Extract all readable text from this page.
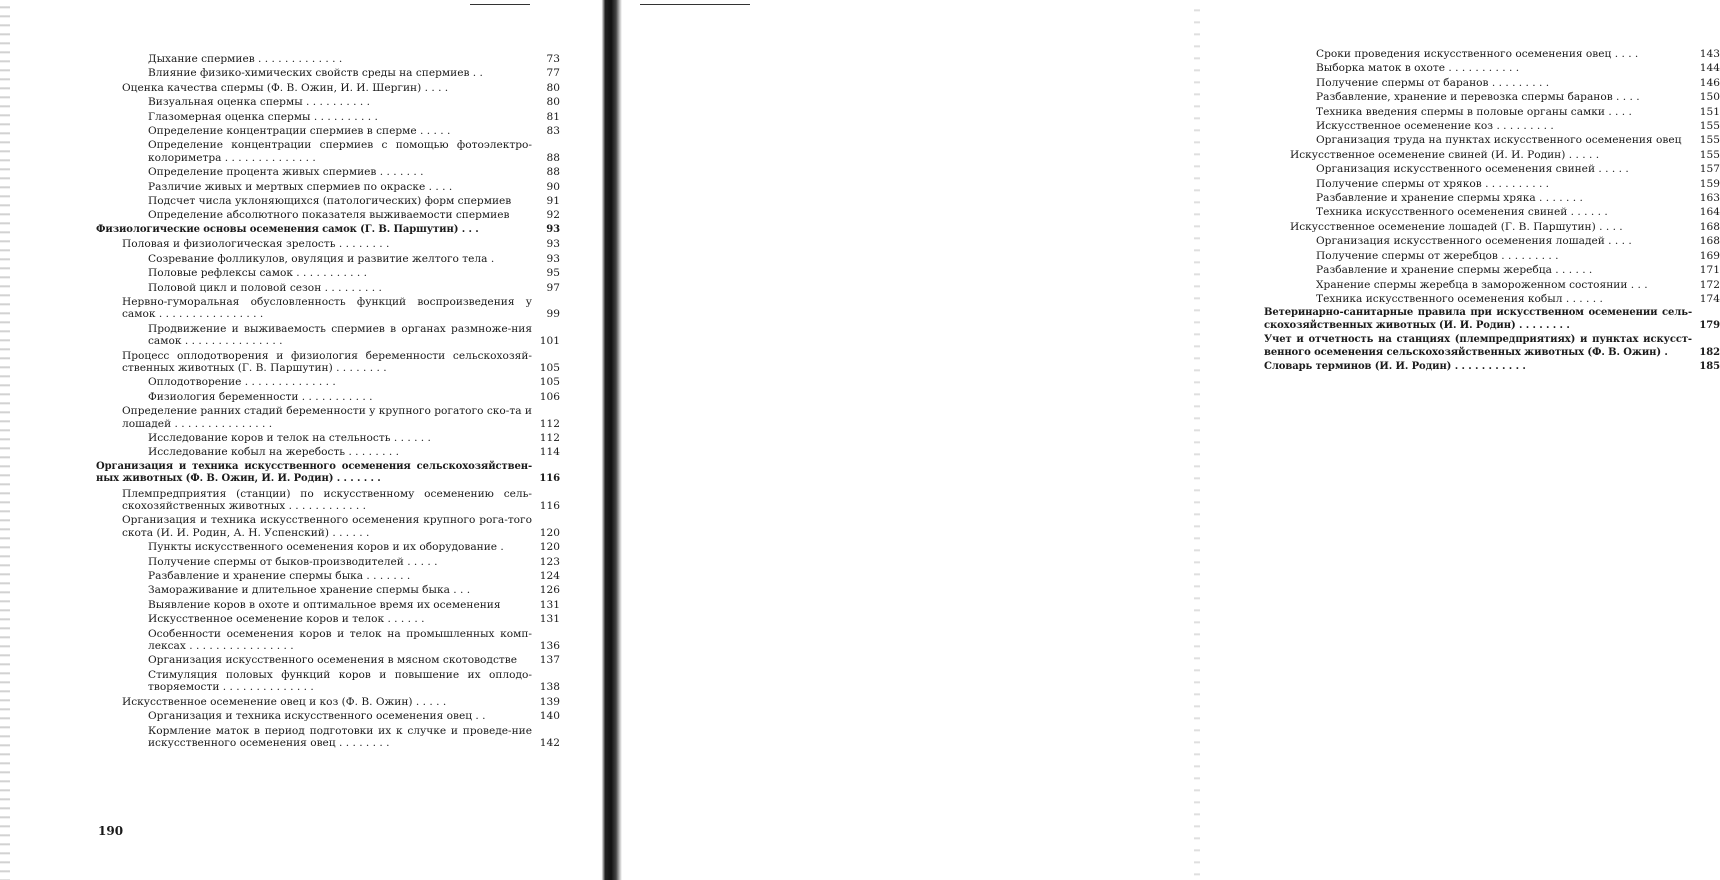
Дыхание спермиев . . . . . . . . . . . . .	73
Влияние физико-химических свойств среды на спермиев . .	77
Оценка качества спермы (Ф. В. Ожин, И. И. Шергин) . . . .	80
Визуальная оценка спермы . . . . . . . . . .	80
Глазомерная оценка спермы . . . . . . . . . .	81
Определение концентрации спермиев в сперме . . . . .	83
Определение концентрации спермиев с помощью фотоэлектро-колориметра . . . . . . . . . . . . . .	88
Определение процента живых спермиев . . . . . . .	88
Различие живых и мертвых спермиев по окраске . . . .	90
Подсчет числа уклоняющихся (патологических) форм спермиев	91
Определение абсолютного показателя выживаемости спермиев	92
Физиологические основы осеменения самок (Г. В. Паршутин) . . .	93
Половая и физиологическая зрелость . . . . . . . .	93
Созревание фолликулов, овуляция и развитие желтого тела .	93
Половые рефлексы самок . . . . . . . . . . .	95
Половой цикл и половой сезон . . . . . . . . .	97
Нервно-гуморальная обусловленность функций воспроизведения у самок . . . . . . . . . . . . . . . .	99
Продвижение и выживаемость спермиев в органах размноже-ния самок . . . . . . . . . . . . . . .	101
Процесс оплодотворения и физиология беременности сельскохозяй-ственных животных (Г. В. Паршутин) . . . . . . . .	105
Оплодотворение . . . . . . . . . . . . . .	105
Физиология беременности . . . . . . . . . . .	106
Определение ранних стадий беременности у крупного рогатого ско-та и лошадей . . . . . . . . . . . . . . .	112
Исследование коров и телок на стельность . . . . . .	112
Исследование кобыл на жеребость . . . . . . . .	114
Организация и техника искусственного осеменения сельскохозяйствен-ных животных (Ф. В. Ожин, И. И. Родин) . . . . . . .	116
Племпредприятия (станции) по искусственному осеменению сель-скохозяйственных животных . . . . . . . . . . . .	116
Организация и техника искусственного осеменения крупного рога-того скота (И. И. Родин, А. Н. Успенский) . . . . . .	120
Пункты искусственного осеменения коров и их оборудование .	120
Получение спермы от быков-производителей . . . . .	123
Разбавление и хранение спермы быка . . . . . . .	124
Замораживание и длительное хранение спермы быка . . .	126
Выявление коров в охоте и оптимальное время их осеменения	131
Искусственное осеменение коров и телок . . . . . .	131
Особенности осеменения коров и телок на промышленных комп-лексах . . . . . . . . . . . . . . . .	136
Организация искусственного осеменения в мясном скотоводстве	137
Стимуляция половых функций коров и повышение их оплодо-творяемости . . . . . . . . . . . . . .	138
Искусственное осеменение овец и коз (Ф. В. Ожин) . . . . .	139
Организация и техника искусственного осеменения овец . .	140
Кормление маток в период подготовки их к случке и проведе-ние искусственного осеменения овец . . . . . . . .	142
190
Сроки проведения искусственного осеменения овец . . . .	143
Выборка маток в охоте . . . . . . . . . . .	144
Получение спермы от баранов . . . . . . . . .	146
Разбавление, хранение и перевозка спермы баранов . . . .	150
Техника введения спермы в половые органы самки . . . .	151
Искусственное осеменение коз . . . . . . . . .	155
Организация труда на пунктах искусственного осеменения овец	155
Искусственное осеменение свиней (И. И. Родин) . . . . .	155
Организация искусственного осеменения свиней . . . . .	157
Получение спермы от хряков . . . . . . . . . .	159
Разбавление и хранение спермы хряка . . . . . . .	163
Техника искусственного осеменения свиней . . . . . .	164
Искусственное осеменение лошадей (Г. В. Паршутин) . . . .	168
Организация искусственного осеменения лошадей . . . .	168
Получение спермы от жеребцов . . . . . . . . .	169
Разбавление и хранение спермы жеребца . . . . . .	171
Хранение спермы жеребца в замороженном состоянии . . .	172
Техника искусственного осеменения кобыл . . . . . .	174
Ветеринарно-санитарные правила при искусственном осеменении сель-скохозяйственных животных (И. И. Родин) . . . . . . . .	179
Учет и отчетность на станциях (племпредприятиях) и пунктах искусст-венного осеменения сельскохозяйственных животных (Ф. В. Ожин) .	182
Словарь терминов (И. И. Родин) . . . . . . . . . . .	185
